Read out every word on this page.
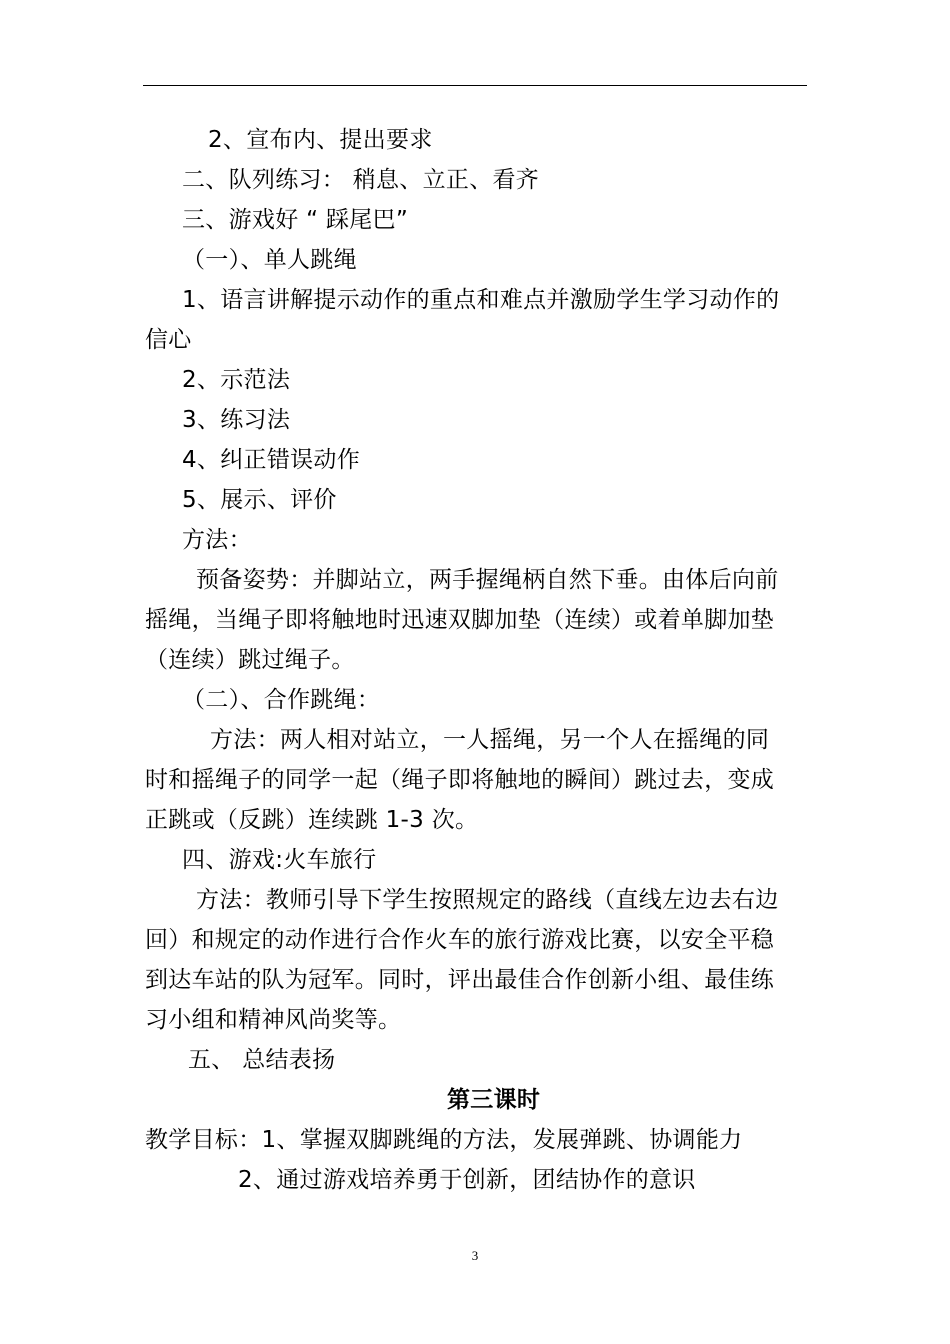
2、宣布内、提出要求
二、队列练习： 稍息、立正、看齐
三、游戏好 “ 踩尾巴”
（一）、单人跳绳
1、语言讲解提示动作的重点和难点并激励学生学习动作的
信心
2、示范法
3、练习法
4、纠正错误动作
5、展示、评价
方法：
预备姿势：并脚站立，两手握绳柄自然下垂。由体后向前
摇绳，当绳子即将触地时迅速双脚加垫（连续）或着单脚加垫
（连续）跳过绳子。
（二）、合作跳绳：
方法：两人相对站立，一人摇绳，另一个人在摇绳的同
时和摇绳子的同学一起（绳子即将触地的瞬间）跳过去，变成
正跳或（反跳）连续跳 1-3 次。
四、游戏:火车旅行
方法：教师引导下学生按照规定的路线（直线左边去右边
回）和规定的动作进行合作火车的旅行游戏比赛，以安全平稳
到达车站的队为冠军。同时，评出最佳合作创新小组、最佳练
习小组和精神风尚奖等。
五、 总结表扬
第三课时
教学目标：1、掌握双脚跳绳的方法，发展弹跳、协调能力
2、通过游戏培养勇于创新，团结协作的意识
3
